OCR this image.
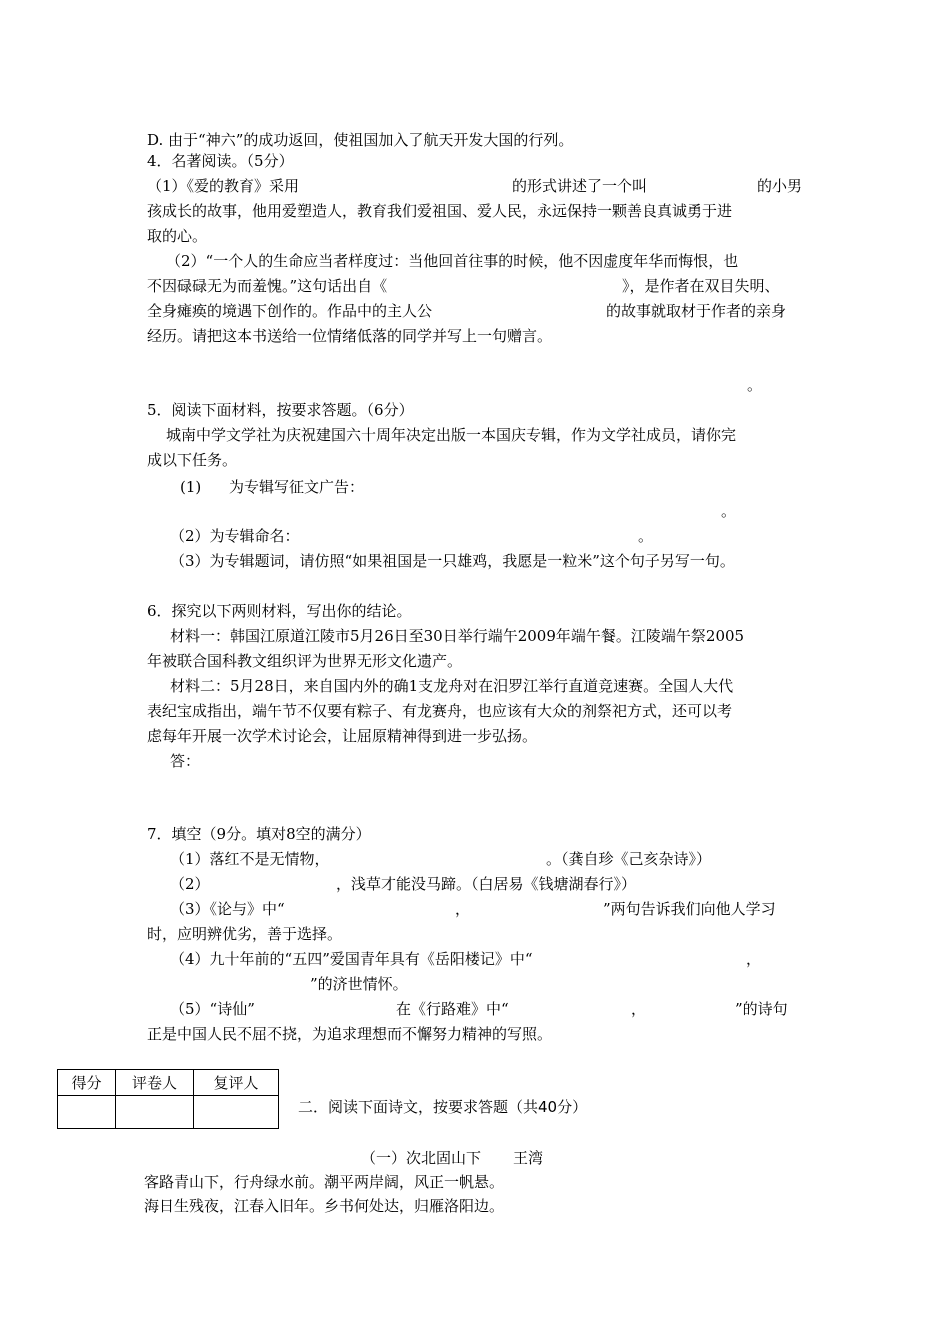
D. 由于“神六”的成功返回，使祖国加入了航天开发大国的行列。
4．名著阅读。（5分）
（1）《爱的教育》采用	的形式讲述了一个叫	的小男
孩成长的故事，他用爱塑造人，教育我们爱祖国、爱人民，永远保持一颗善良真诚勇于进
取的心。
（2）“一个人的生命应当者样度过：当他回首往事的时候，他不因虚度年华而悔恨，也
不因碌碌无为而羞愧。”这句话出自《	》，是作者在双目失明、
全身瘫痪的境遇下创作的。作品中的主人公	的故事就取材于作者的亲身
经历。请把这本书送给一位情绪低落的同学并写上一句赠言。
。
5．阅读下面材料，按要求答题。（6分）
城南中学文学社为庆祝建国六十周年决定出版一本国庆专辑，作为文学社成员，请你完
成以下任务。
(1) 为专辑写征文广告：
。
（2）为专辑命名：	。
（3）为专辑题词，请仿照“如果祖国是一只雄鸡，我愿是一粒米”这个句子另写一句。
6．探究以下两则材料，写出你的结论。
材料一：韩国江原道江陵市5月26日至30日举行端午2009年端午餐。江陵端午祭2005
年被联合国科教文组织评为世界无形文化遗产。
材料二：5月28日，来自国内外的确1支龙舟对在汨罗江举行直道竞速赛。全国人大代
表纪宝成指出，端午节不仅要有粽子、有龙赛舟，也应该有大众的剂祭祀方式，还可以考
虑每年开展一次学术讨论会，让屈原精神得到进一步弘扬。
答：
7．填空（9分。填对8空的满分）
（1）落红不是无情物，	。（龚自珍《己亥杂诗》）
（2）	，浅草才能没马蹄。（白居易《钱塘湖春行》）
（3）《论与》中“	，	”两句告诉我们向他人学习
时，应明辨优劣，善于选择。
（4）九十年前的“五四”爱国青年具有《岳阳楼记》中“	，
”的济世情怀。
（5）“诗仙”	在《行路难》中“	，	”的诗句
正是中国人民不屈不挠，为追求理想而不懈努力精神的写照。
得分	评卷人	复评人

二．阅读下面诗文，按要求答题（共40分）
（一）次北固山下 王湾
客路青山下，行舟绿水前。潮平两岸阔，风正一帆悬。
海日生残夜，江春入旧年。乡书何处达，归雁洛阳边。
